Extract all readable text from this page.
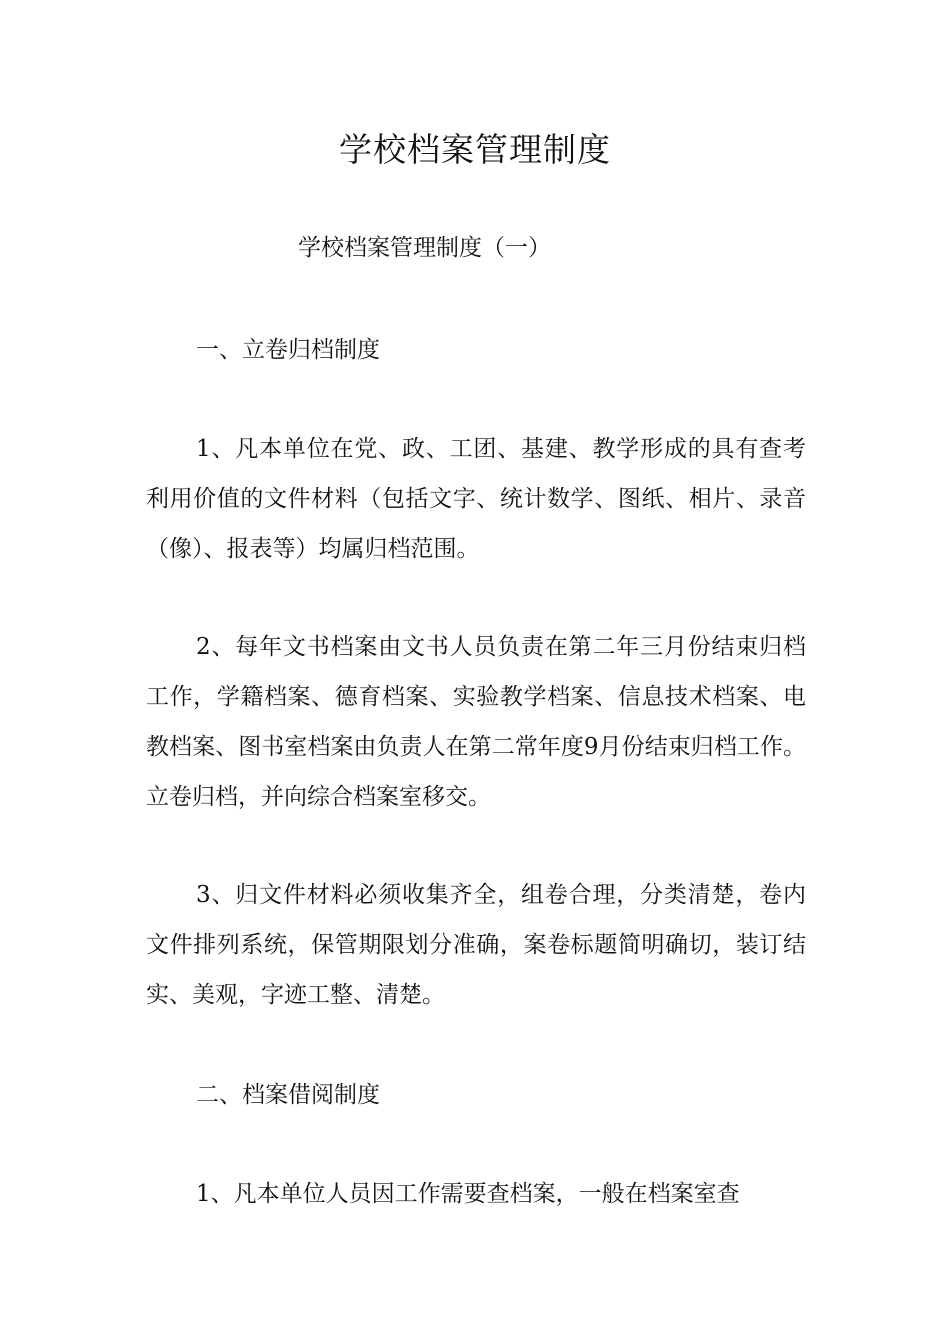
学校档案管理制度

学校档案管理制度（一）

一、立卷归档制度

1、凡本单位在党、政、工团、基建、教学形成的具有查考利用价值的文件材料（包括文字、统计数学、图纸、相片、录音（像）、报表等）均属归档范围。

2、每年文书档案由文书人员负责在第二年三月份结束归档工作，学籍档案、德育档案、实验教学档案、信息技术档案、电教档案、图书室档案由负责人在第二常年度9月份结束归档工作。立卷归档，并向综合档案室移交。

3、归文件材料必须收集齐全，组卷合理，分类清楚，卷内文件排列系统，保管期限划分准确，案卷标题简明确切，装订结实、美观，字迹工整、清楚。

二、档案借阅制度

1、凡本单位人员因工作需要查档案，一般在档案室查
